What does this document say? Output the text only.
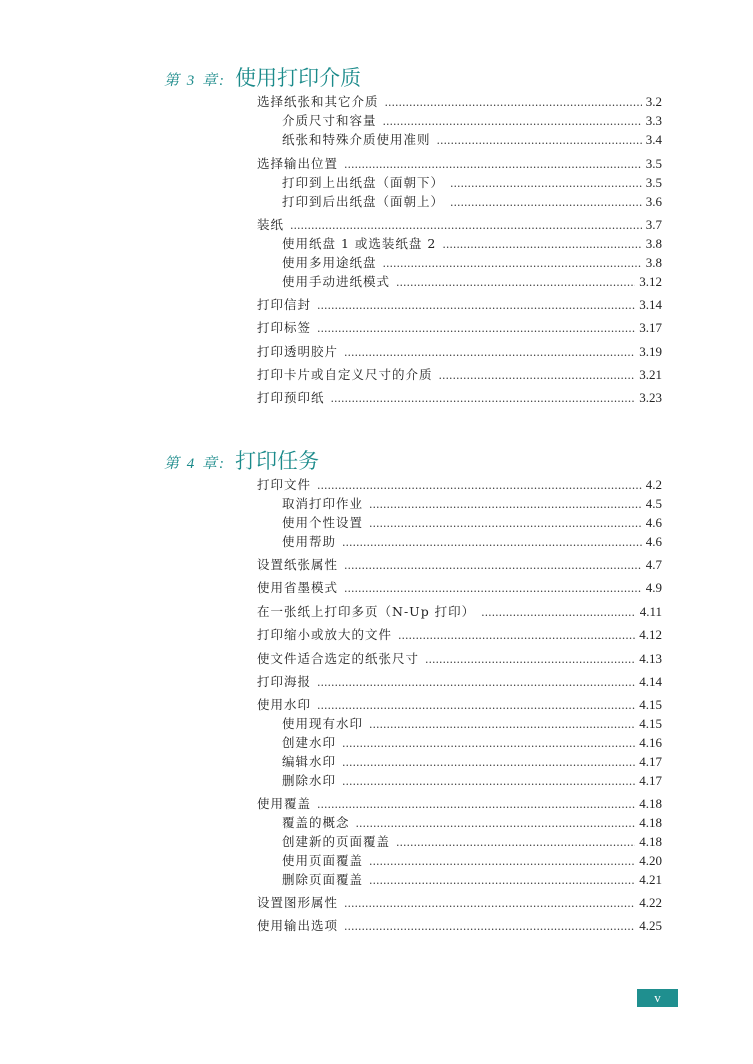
第 3 章: 使用打印介质
选择纸张和其它介质 .....	3.2
介质尺寸和容量 .....	3.3
纸张和特殊介质使用准则 .....	3.4
选择输出位置 .....	3.5
打印到上出纸盘（面朝下） .....	3.5
打印到后出纸盘（面朝上） .....	3.6
装纸 .....	3.7
使用纸盘 1 或选装纸盘 2 .....	3.8
使用多用途纸盘 .....	3.8
使用手动进纸模式 .....	3.12
打印信封 .....	3.14
打印标签 .....	3.17
打印透明胶片 .....	3.19
打印卡片或自定义尺寸的介质 .....	3.21
打印预印纸 .....	3.23
第 4 章: 打印任务
打印文件 .....	4.2
取消打印作业 .....	4.5
使用个性设置 .....	4.6
使用帮助 .....	4.6
设置纸张属性 .....	4.7
使用省墨模式 .....	4.9
在一张纸上打印多页（N-Up 打印） .....	4.11
打印缩小或放大的文件 .....	4.12
使文件适合选定的纸张尺寸 .....	4.13
打印海报 .....	4.14
使用水印 .....	4.15
使用现有水印 .....	4.15
创建水印 .....	4.16
编辑水印 .....	4.17
删除水印 .....	4.17
使用覆盖 .....	4.18
覆盖的概念 .....	4.18
创建新的页面覆盖 .....	4.18
使用页面覆盖 .....	4.20
删除页面覆盖 .....	4.21
设置图形属性 .....	4.22
使用输出选项 .....	4.25
v
